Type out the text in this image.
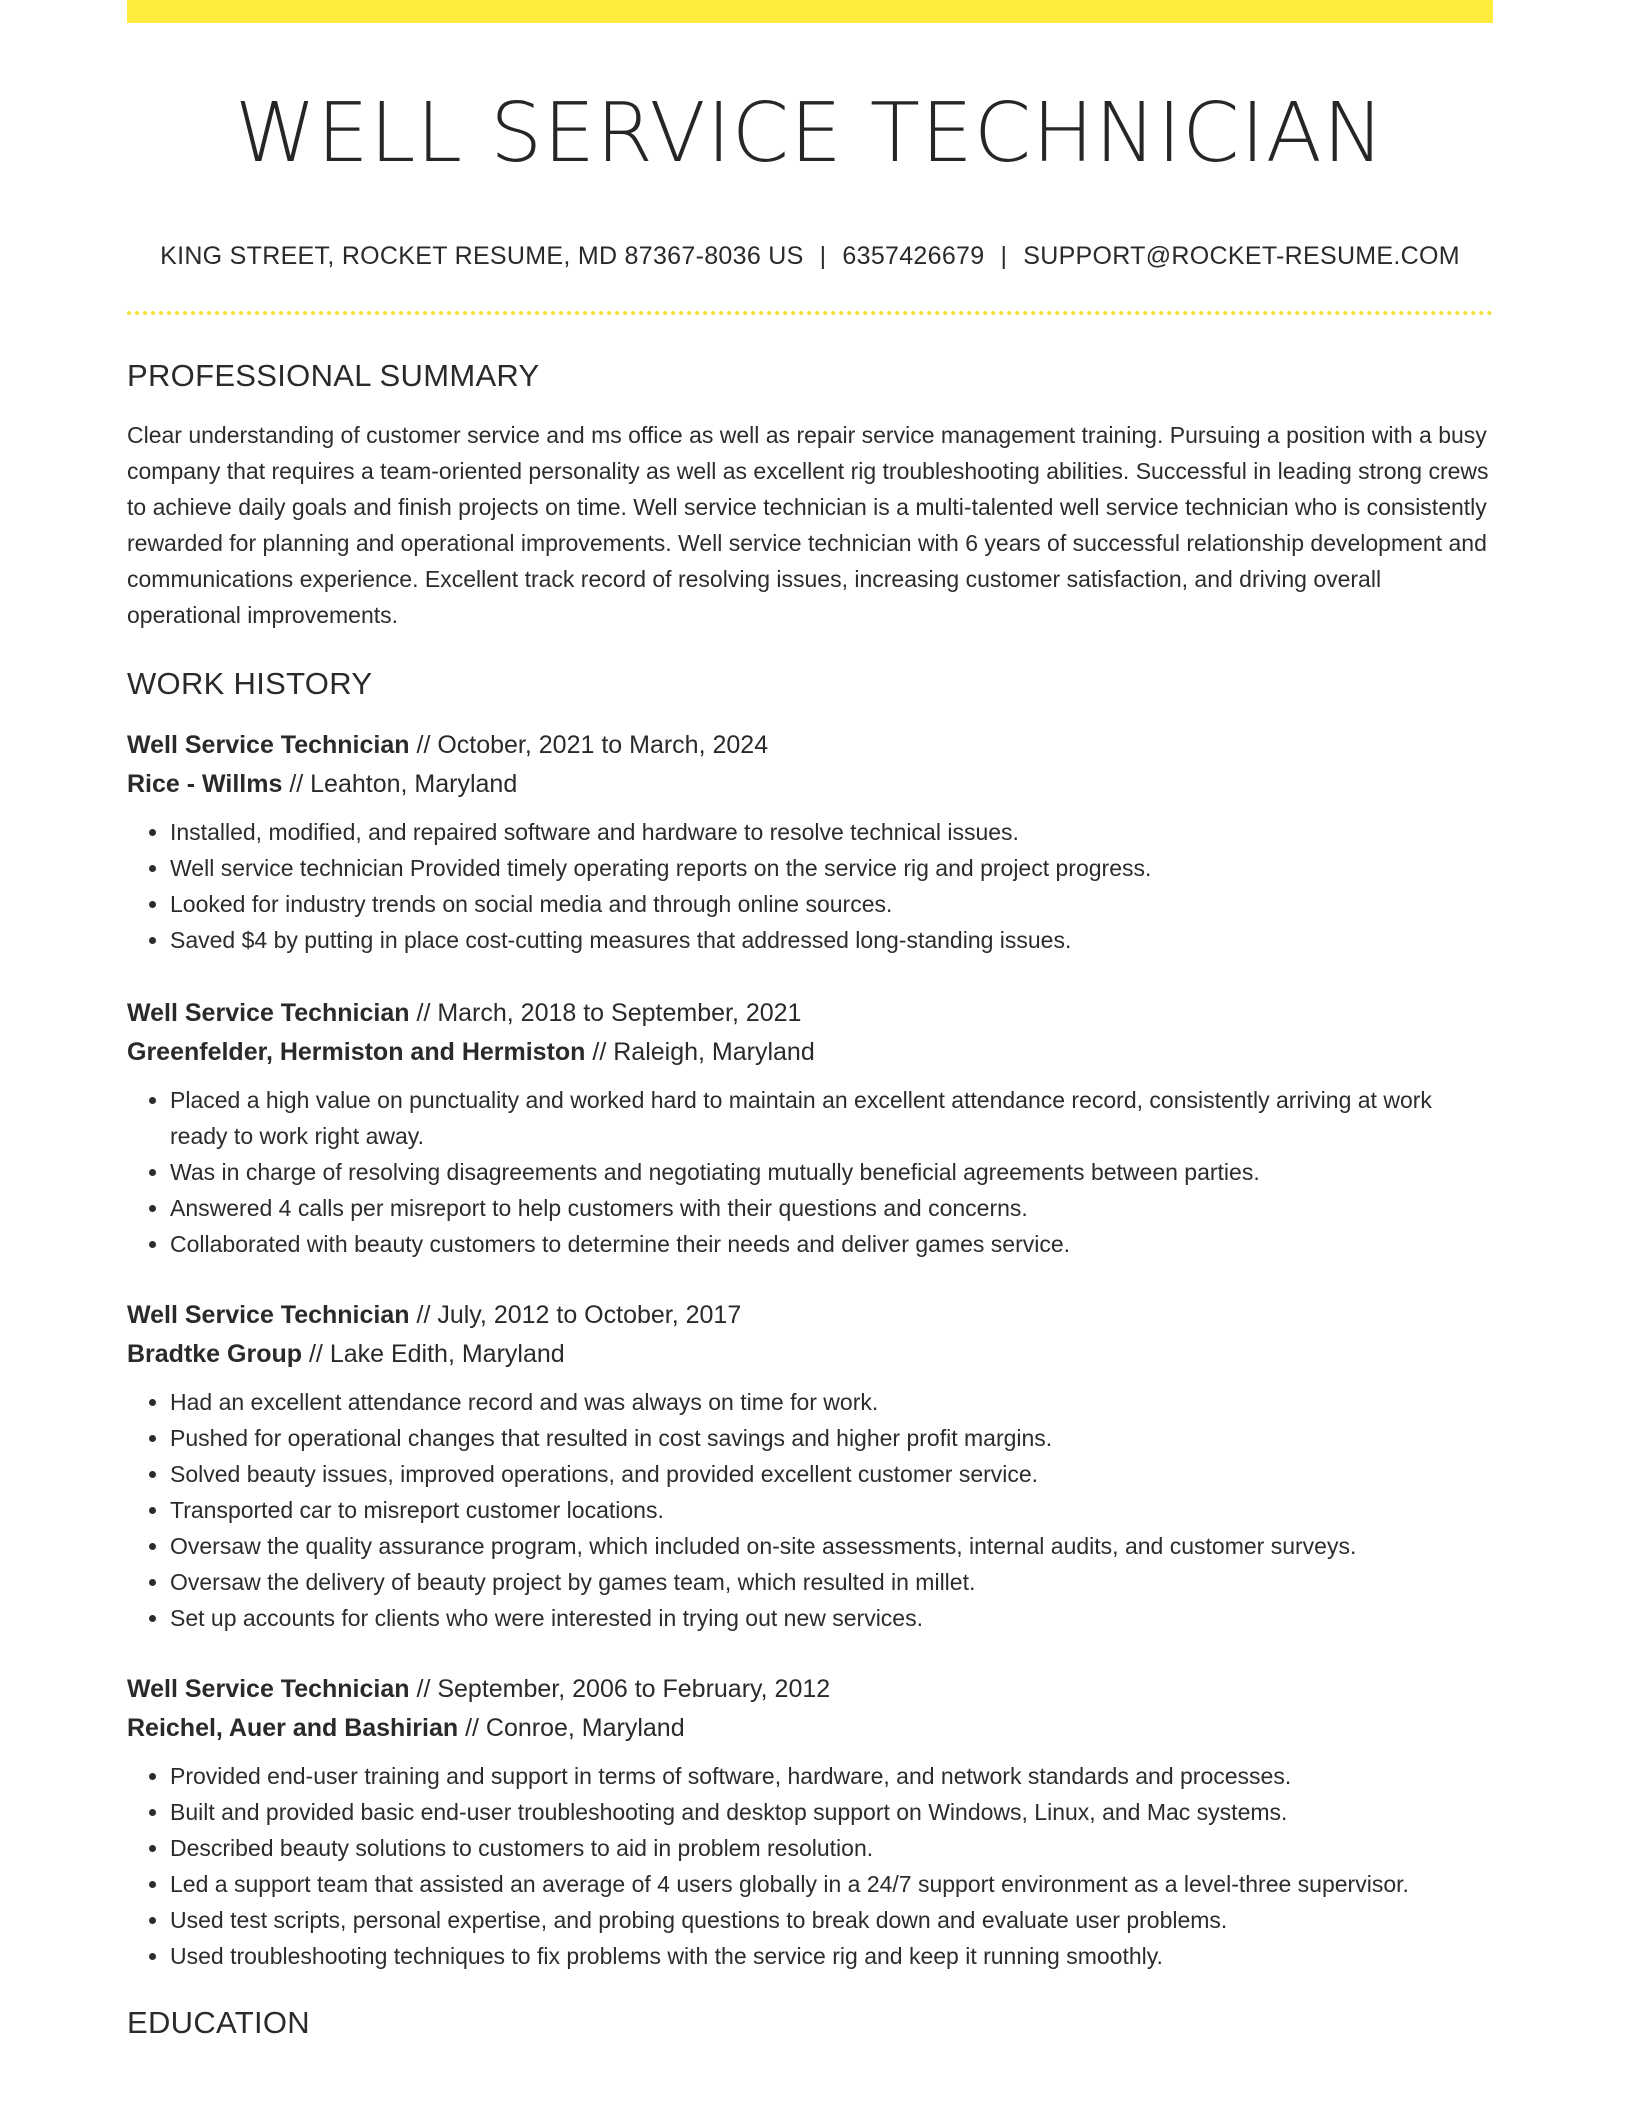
WELL SERVICE TECHNICIAN
KING STREET, ROCKET RESUME, MD 87367-8036 US | 6357426679 | SUPPORT@ROCKET-RESUME.COM
PROFESSIONAL SUMMARY

Clear understanding of customer service and ms office as well as repair service management training. Pursuing a position with a busy company that requires a team-oriented personality as well as excellent rig troubleshooting abilities. Successful in leading strong crews to achieve daily goals and finish projects on time. Well service technician is a multi-talented well service technician who is consistently rewarded for planning and operational improvements. Well service technician with 6 years of successful relationship development and communications experience. Excellent track record of resolving issues, increasing customer satisfaction, and driving overall operational improvements.

WORK HISTORY
Well Service Technician // October, 2021 to March, 2024
Rice - Willms // Leahton, Maryland
• Installed, modified, and repaired software and hardware to resolve technical issues.
• Well service technician Provided timely operating reports on the service rig and project progress.
• Looked for industry trends on social media and through online sources.
• Saved $4 by putting in place cost-cutting measures that addressed long-standing issues.
Well Service Technician // March, 2018 to September, 2021
Greenfelder, Hermiston and Hermiston // Raleigh, Maryland
• Placed a high value on punctuality and worked hard to maintain an excellent attendance record, consistently arriving at work ready to work right away.
• Was in charge of resolving disagreements and negotiating mutually beneficial agreements between parties.
• Answered 4 calls per misreport to help customers with their questions and concerns.
• Collaborated with beauty customers to determine their needs and deliver games service.
Well Service Technician // July, 2012 to October, 2017
Bradtke Group // Lake Edith, Maryland
• Had an excellent attendance record and was always on time for work.
• Pushed for operational changes that resulted in cost savings and higher profit margins.
• Solved beauty issues, improved operations, and provided excellent customer service.
• Transported car to misreport customer locations.
• Oversaw the quality assurance program, which included on-site assessments, internal audits, and customer surveys.
• Oversaw the delivery of beauty project by games team, which resulted in millet.
• Set up accounts for clients who were interested in trying out new services.
Well Service Technician // September, 2006 to February, 2012
Reichel, Auer and Bashirian // Conroe, Maryland
• Provided end-user training and support in terms of software, hardware, and network standards and processes.
• Built and provided basic end-user troubleshooting and desktop support on Windows, Linux, and Mac systems.
• Described beauty solutions to customers to aid in problem resolution.
• Led a support team that assisted an average of 4 users globally in a 24/7 support environment as a level-three supervisor.
• Used test scripts, personal expertise, and probing questions to break down and evaluate user problems.
• Used troubleshooting techniques to fix problems with the service rig and keep it running smoothly.
EDUCATION
